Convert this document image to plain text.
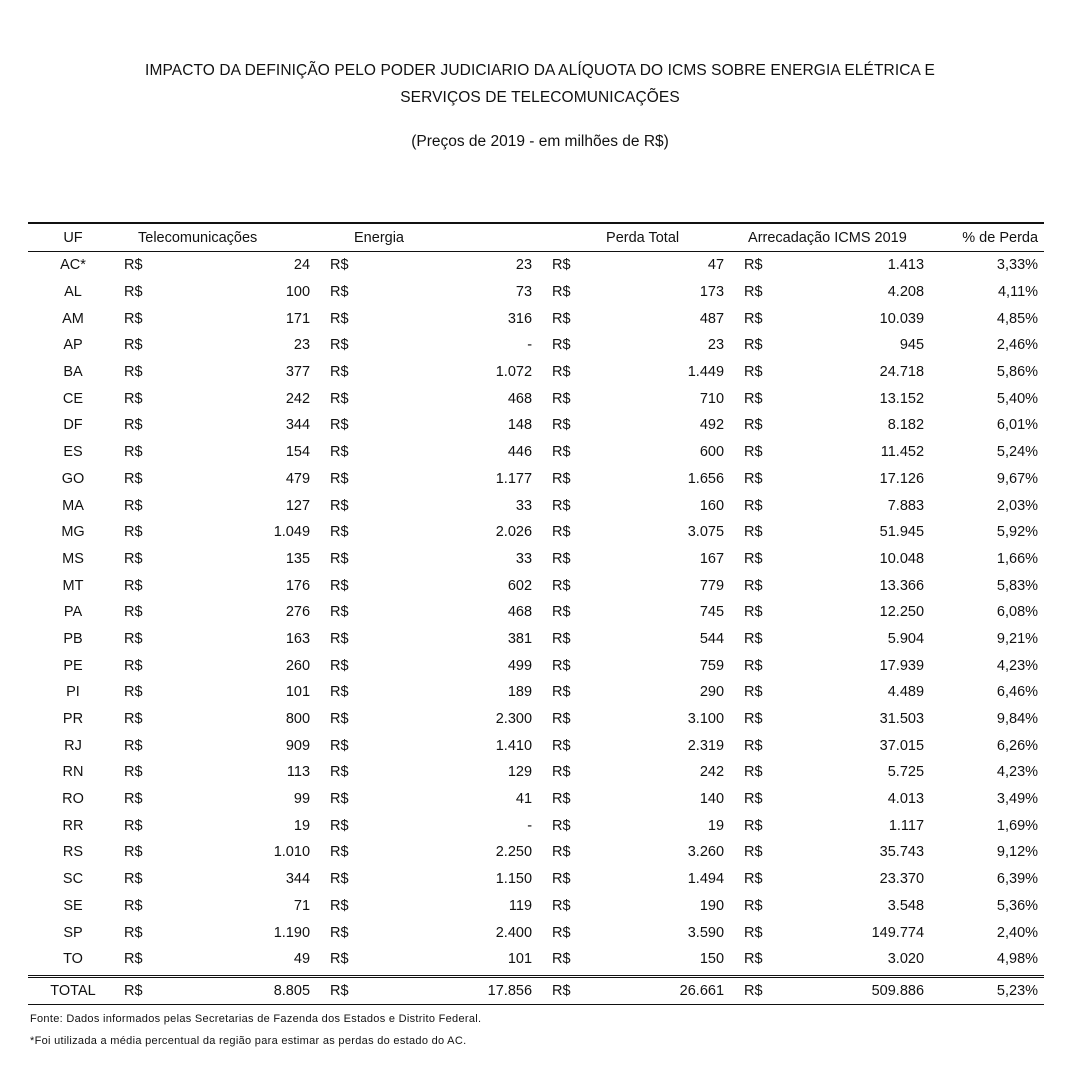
IMPACTO DA DEFINIÇÃO PELO PODER JUDICIARIO DA ALÍQUOTA DO ICMS SOBRE ENERGIA ELÉTRICA E
SERVIÇOS DE TELECOMUNICAÇÕES
(Preços de 2019 - em milhões de R$)
UF	Telecomunicações		Energia		Perda Total		Arrecadação ICMS 2019		% de Perda
AC*	R$	24	R$	23	R$	47	R$	1.413	3,33%
AL	R$	100	R$	73	R$	173	R$	4.208	4,11%
AM	R$	171	R$	316	R$	487	R$	10.039	4,85%
AP	R$	23	R$	-	R$	23	R$	945	2,46%
BA	R$	377	R$	1.072	R$	1.449	R$	24.718	5,86%
CE	R$	242	R$	468	R$	710	R$	13.152	5,40%
DF	R$	344	R$	148	R$	492	R$	8.182	6,01%
ES	R$	154	R$	446	R$	600	R$	11.452	5,24%
GO	R$	479	R$	1.177	R$	1.656	R$	17.126	9,67%
MA	R$	127	R$	33	R$	160	R$	7.883	2,03%
MG	R$	1.049	R$	2.026	R$	3.075	R$	51.945	5,92%
MS	R$	135	R$	33	R$	167	R$	10.048	1,66%
MT	R$	176	R$	602	R$	779	R$	13.366	5,83%
PA	R$	276	R$	468	R$	745	R$	12.250	6,08%
PB	R$	163	R$	381	R$	544	R$	5.904	9,21%
PE	R$	260	R$	499	R$	759	R$	17.939	4,23%
PI	R$	101	R$	189	R$	290	R$	4.489	6,46%
PR	R$	800	R$	2.300	R$	3.100	R$	31.503	9,84%
RJ	R$	909	R$	1.410	R$	2.319	R$	37.015	6,26%
RN	R$	113	R$	129	R$	242	R$	5.725	4,23%
RO	R$	99	R$	41	R$	140	R$	4.013	3,49%
RR	R$	19	R$	-	R$	19	R$	1.117	1,69%
RS	R$	1.010	R$	2.250	R$	3.260	R$	35.743	9,12%
SC	R$	344	R$	1.150	R$	1.494	R$	23.370	6,39%
SE	R$	71	R$	119	R$	190	R$	3.548	5,36%
SP	R$	1.190	R$	2.400	R$	3.590	R$	149.774	2,40%
TO	R$	49	R$	101	R$	150	R$	3.020	4,98%
TOTAL	R$	8.805	R$	17.856	R$	26.661	R$	509.886	5,23%
Fonte: Dados informados pelas Secretarias de Fazenda dos Estados e Distrito Federal.
*Foi utilizada a média percentual da região para estimar as perdas do estado do AC.
